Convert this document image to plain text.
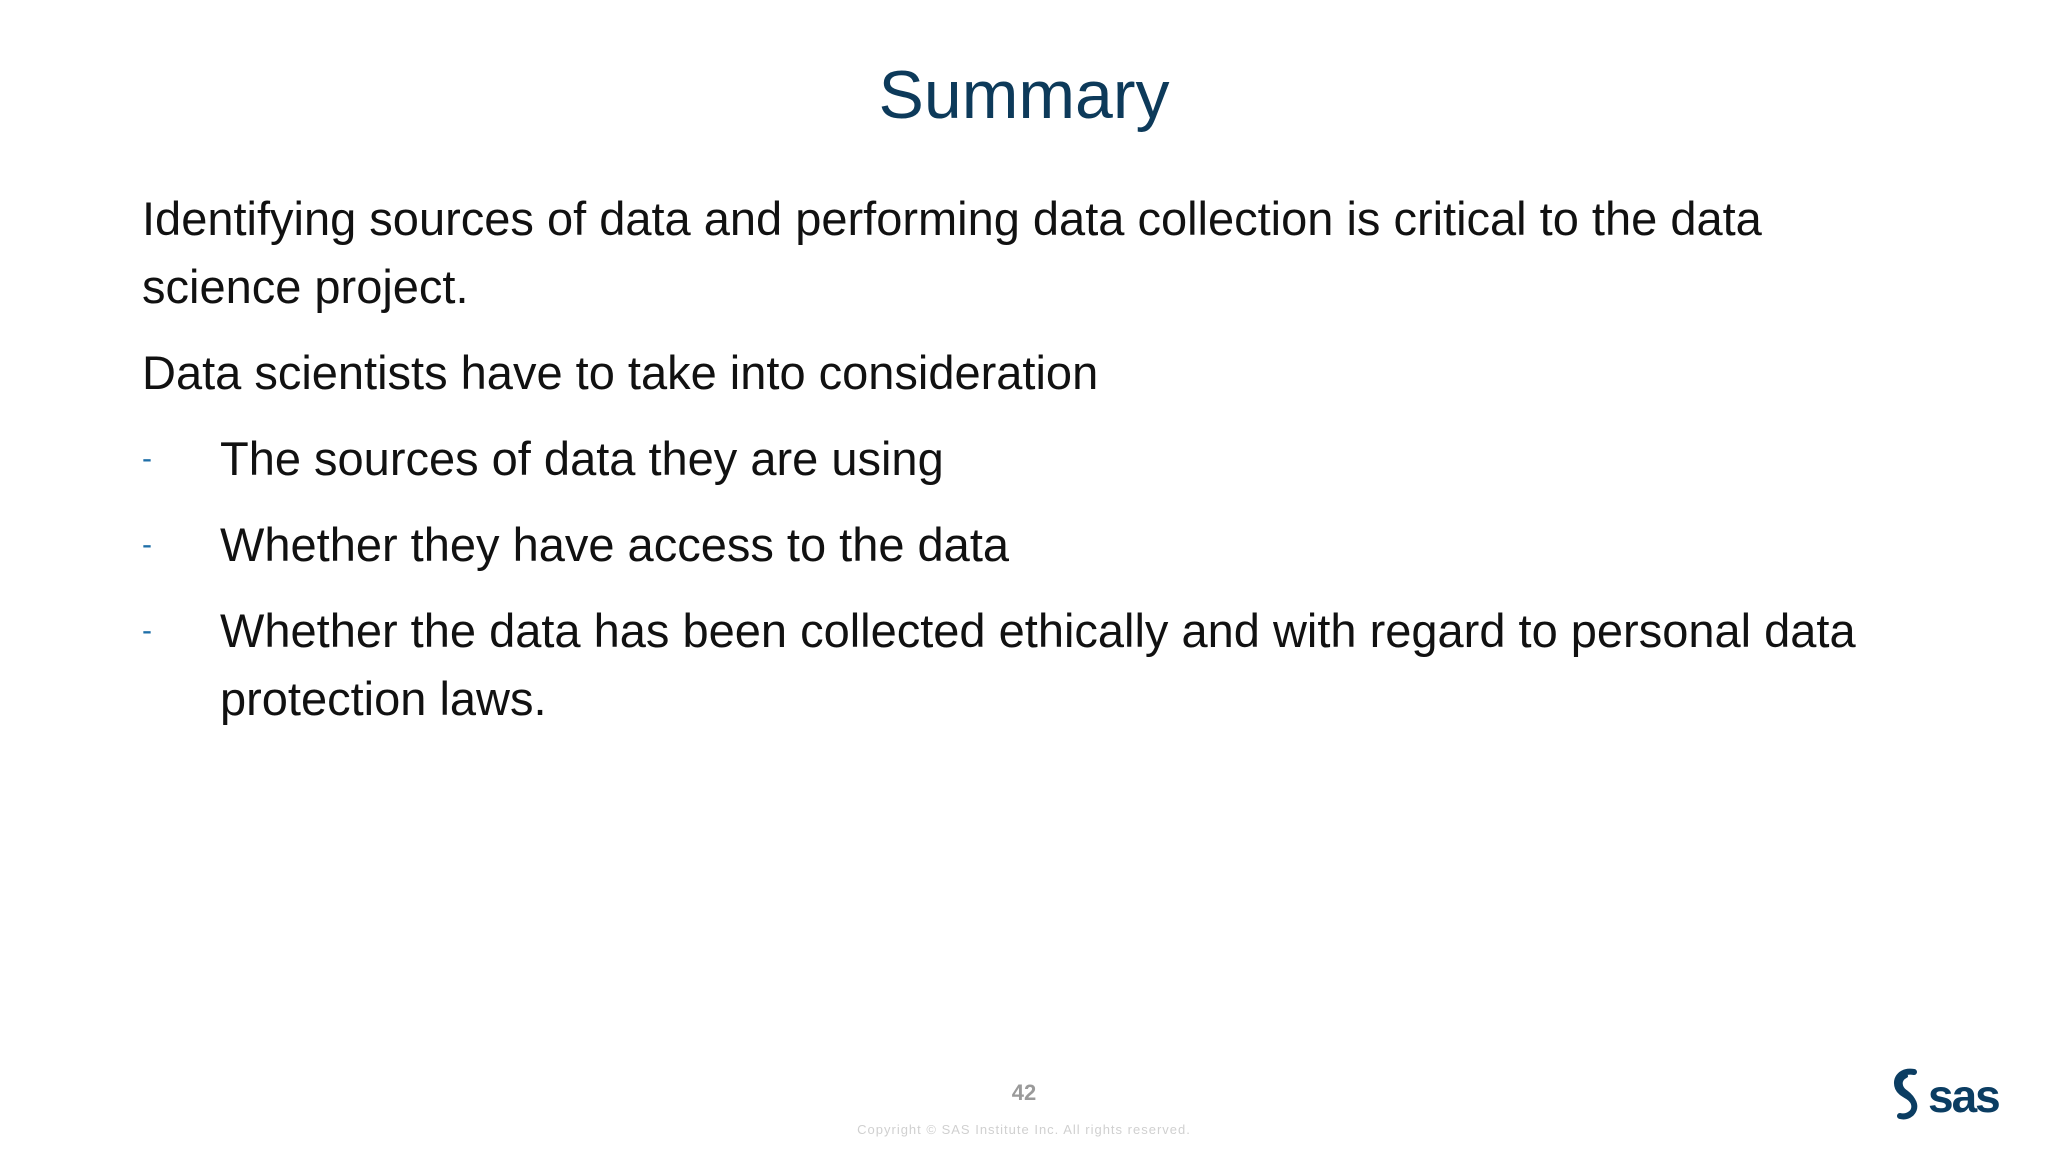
Summary

Identifying sources of data and performing data collection is critical to the data science project.

Data scientists have to take into consideration

-	The sources of data they are using
-	Whether they have access to the data
-	Whether the data has been collected ethically and with regard to personal data protection laws.
42
Copyright © SAS Institute Inc. All rights reserved.
sas
